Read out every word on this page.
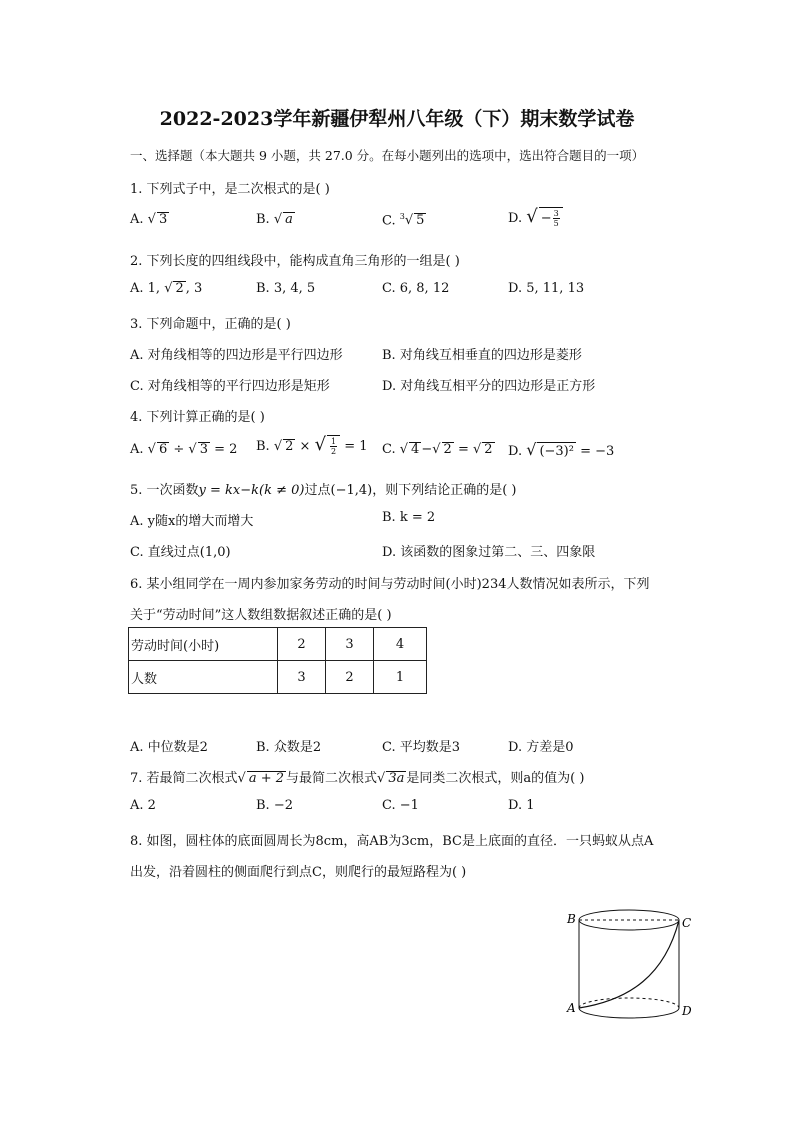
2022-2023学年新疆伊犁州八年级（下）期末数学试卷
一、选择题（本大题共 9 小题，共 27.0 分。在每小题列出的选项中，选出符合题目的一项）
1. 下列式子中，是二次根式的是( )
A. √ 3	B. √ a	C. $^3$√ 5	D. √ − $\frac{3}{5}$
2. 下列长度的四组线段中，能构成直角三角形的一组是( )
A. 1, √ 2 , 3	B. 3, 4, 5	C. 6, 8, 12	D. 5, 11, 13
3. 下列命题中，正确的是( )
A. 对角线相等的四边形是平行四边形	B. 对角线互相垂直的四边形是菱形
C. 对角线相等的平行四边形是矩形	D. 对角线互相平分的四边形是正方形
4. 下列计算正确的是( )
A. √ 6 ÷ √ 3 = 2 B. √ 2 × √ $\frac{1}{2} = 1$ C. √ 4 −√ 2 = √ 2 D. √ (−3)² = −3
5. 一次函数y = kx−k(k ≠ 0)过点(−1,4)，则下列结论正确的是( )
A. y随x的增大而增大	B. k = 2
C. 直线过点(1,0)	D. 该函数的图象过第二、三、四象限
6. 某小组同学在一周内参加家务劳动的时间与劳动时间(小时)234人数情况如表所示，下列
关于“劳动时间”这人数组数据叙述正确的是( )
劳动时间(小时)	2	3	4
人数	3	2	1
A. 中位数是2	B. 众数是2	C. 平均数是3	D. 方差是0
7. 若最简二次根式√ a + 2 与最简二次根式√ 3a 是同类二次根式，则a的值为( )
A. 2	B. −2	C. −1	D. 1
8. 如图，圆柱体的底面圆周长为8cm，高AB为3cm，BC是上底面的直径．一只蚂蚁从点A
出发，沿着圆柱的侧面爬行到点C，则爬行的最短路程为( )
B	C
A	D
